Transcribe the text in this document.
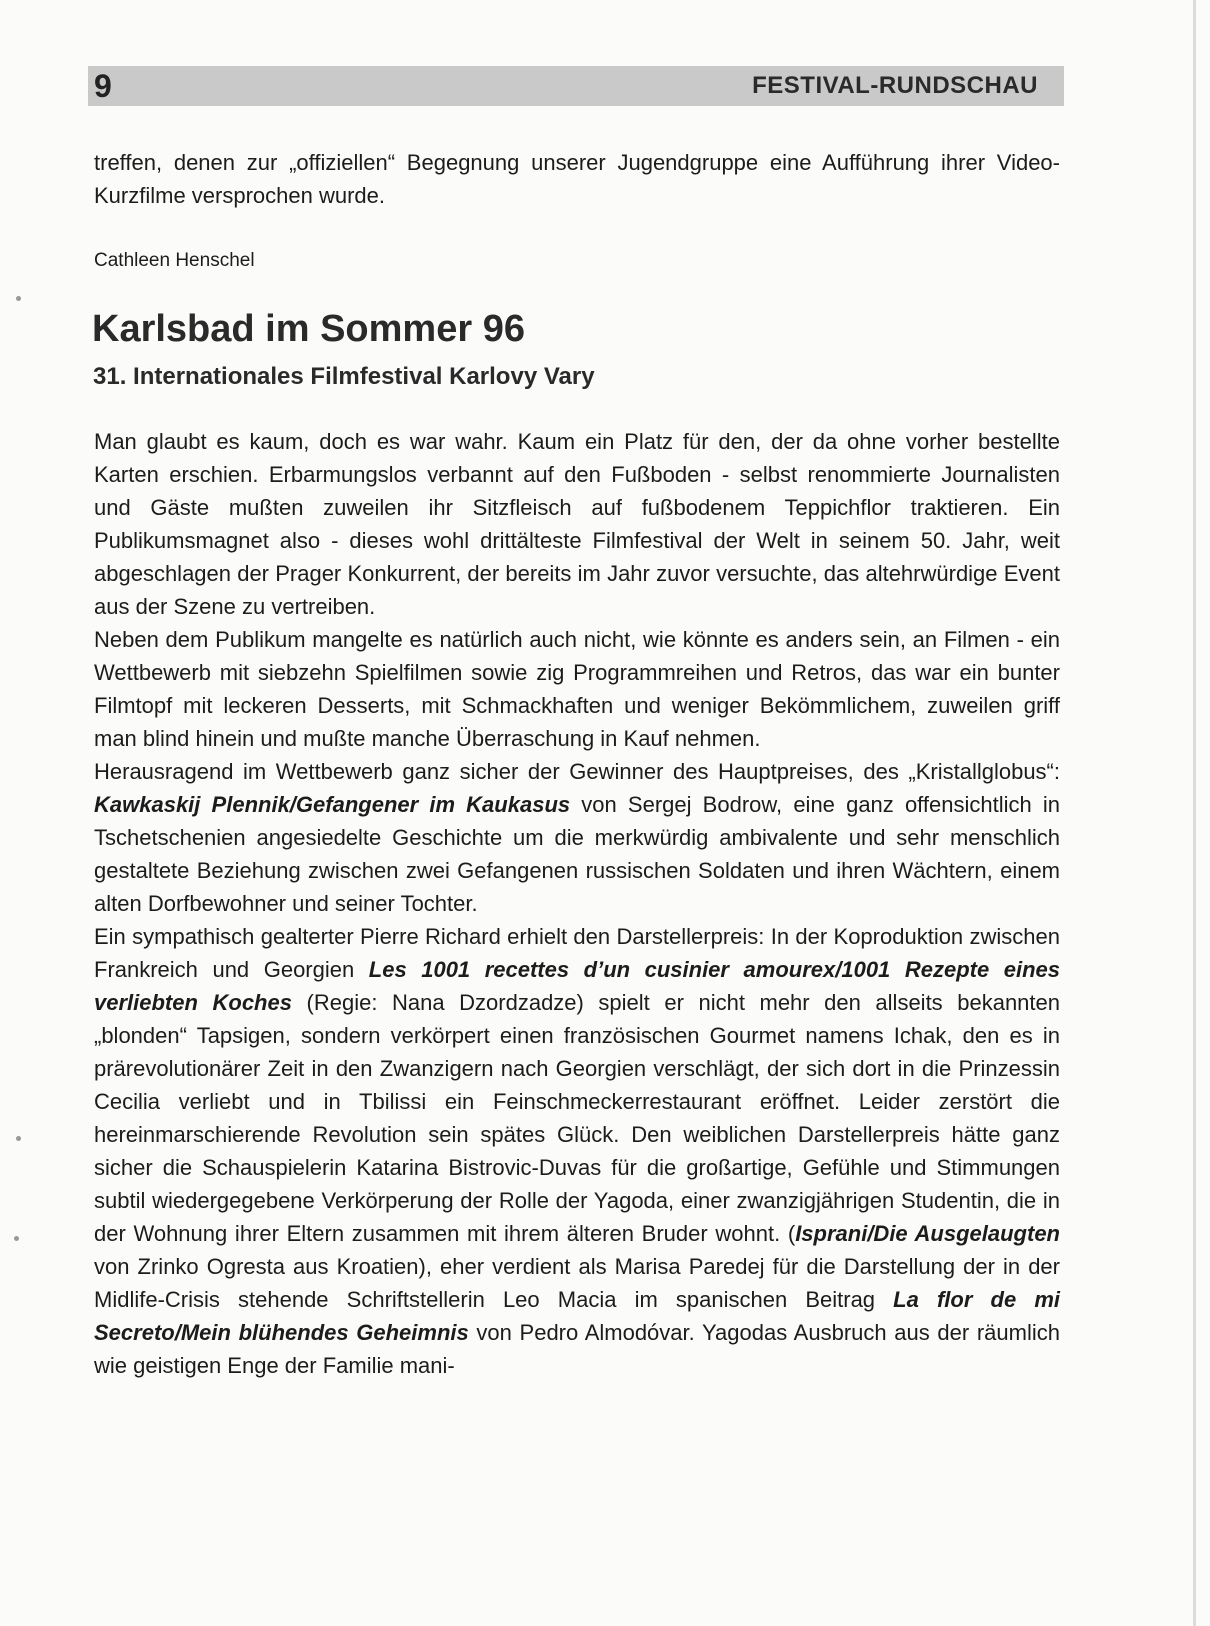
9	FESTIVAL-RUNDSCHAU
treffen, denen zur „offiziellen“ Begegnung unserer Jugendgruppe eine Aufführung ihrer Video-Kurzfilme versprochen wurde.
Cathleen Henschel
Karlsbad im Sommer 96
31. Internationales Filmfestival Karlovy Vary

Man glaubt es kaum, doch es war wahr. Kaum ein Platz für den, der da ohne vorher bestellte Karten erschien. Erbarmungslos verbannt auf den Fußboden - selbst renommierte Journalisten und Gäste mußten zuweilen ihr Sitzfleisch auf fußbodenem Teppichflor traktieren. Ein Publikumsmagnet also - dieses wohl drittälteste Filmfestival der Welt in seinem 50. Jahr, weit abgeschlagen der Prager Konkurrent, der bereits im Jahr zuvor versuchte, das altehrwürdige Event aus der Szene zu vertreiben.

Neben dem Publikum mangelte es natürlich auch nicht, wie könnte es anders sein, an Filmen - ein Wettbewerb mit siebzehn Spielfilmen sowie zig Programmreihen und Retros, das war ein bunter Filmtopf mit leckeren Desserts, mit Schmackhaften und weniger Bekömmlichem, zuweilen griff man blind hinein und mußte manche Überraschung in Kauf nehmen.

Herausragend im Wettbewerb ganz sicher der Gewinner des Hauptpreises, des „Kristallglobus“: Kawkaskij Plennik/Gefangener im Kaukasus von Sergej Bodrow, eine ganz offensichtlich in Tschetschenien angesiedelte Geschichte um die merkwürdig ambivalente und sehr menschlich gestaltete Beziehung zwischen zwei Gefangenen russischen Soldaten und ihren Wächtern, einem alten Dorfbewohner und seiner Tochter.

Ein sympathisch gealterter Pierre Richard erhielt den Darstellerpreis: In der Koproduktion zwischen Frankreich und Georgien Les 1001 recettes d’un cusinier amourex/1001 Rezepte eines verliebten Koches (Regie: Nana Dzordzadze) spielt er nicht mehr den allseits bekannten „blonden“ Tapsigen, sondern verkörpert einen französischen Gourmet namens Ichak, den es in prärevolutionärer Zeit in den Zwanzigern nach Georgien verschlägt, der sich dort in die Prinzessin Cecilia verliebt und in Tbilissi ein Feinschmeckerrestaurant eröffnet. Leider zerstört die hereinmarschierende Revolution sein spätes Glück. Den weiblichen Darstellerpreis hätte ganz sicher die Schauspielerin Katarina Bistrovic-Duvas für die großartige, Gefühle und Stimmungen subtil wiedergegebene Verkörperung der Rolle der Yagoda, einer zwanzigjährigen Studentin, die in der Wohnung ihrer Eltern zusammen mit ihrem älteren Bruder wohnt. (Isprani/Die Ausgelaugten von Zrinko Ogresta aus Kroatien), eher verdient als Marisa Paredej für die Darstellung der in der Midlife-Crisis stehende Schriftstellerin Leo Macia im spanischen Beitrag La flor de mi Secreto/Mein blühendes Geheimnis von Pedro Almodóvar. Yagodas Ausbruch aus der räumlich wie geistigen Enge der Familie mani-
